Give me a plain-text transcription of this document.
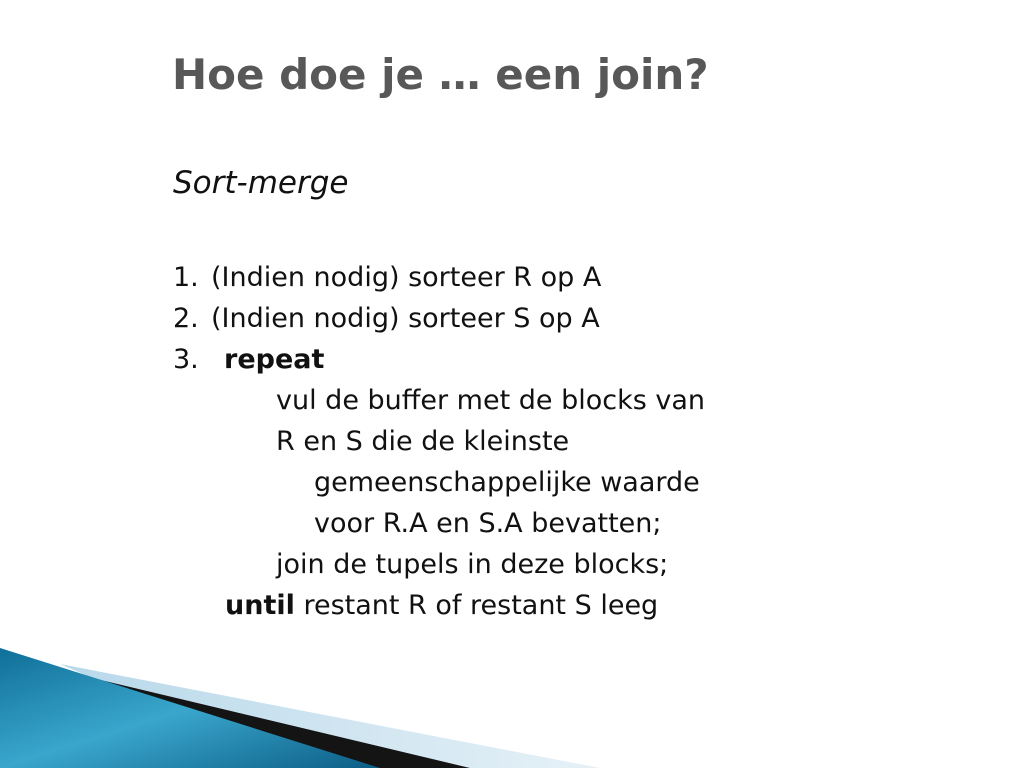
Hoe doe je … een join?
Sort-merge
1. (Indien nodig) sorteer R op A
2. (Indien nodig) sorteer S op A
3. repeat
vul de buffer met de blocks van
R en S die de kleinste
gemeenschappelijke waarde
voor R.A en S.A bevatten;
join de tupels in deze blocks;
until restant R of restant S leeg
